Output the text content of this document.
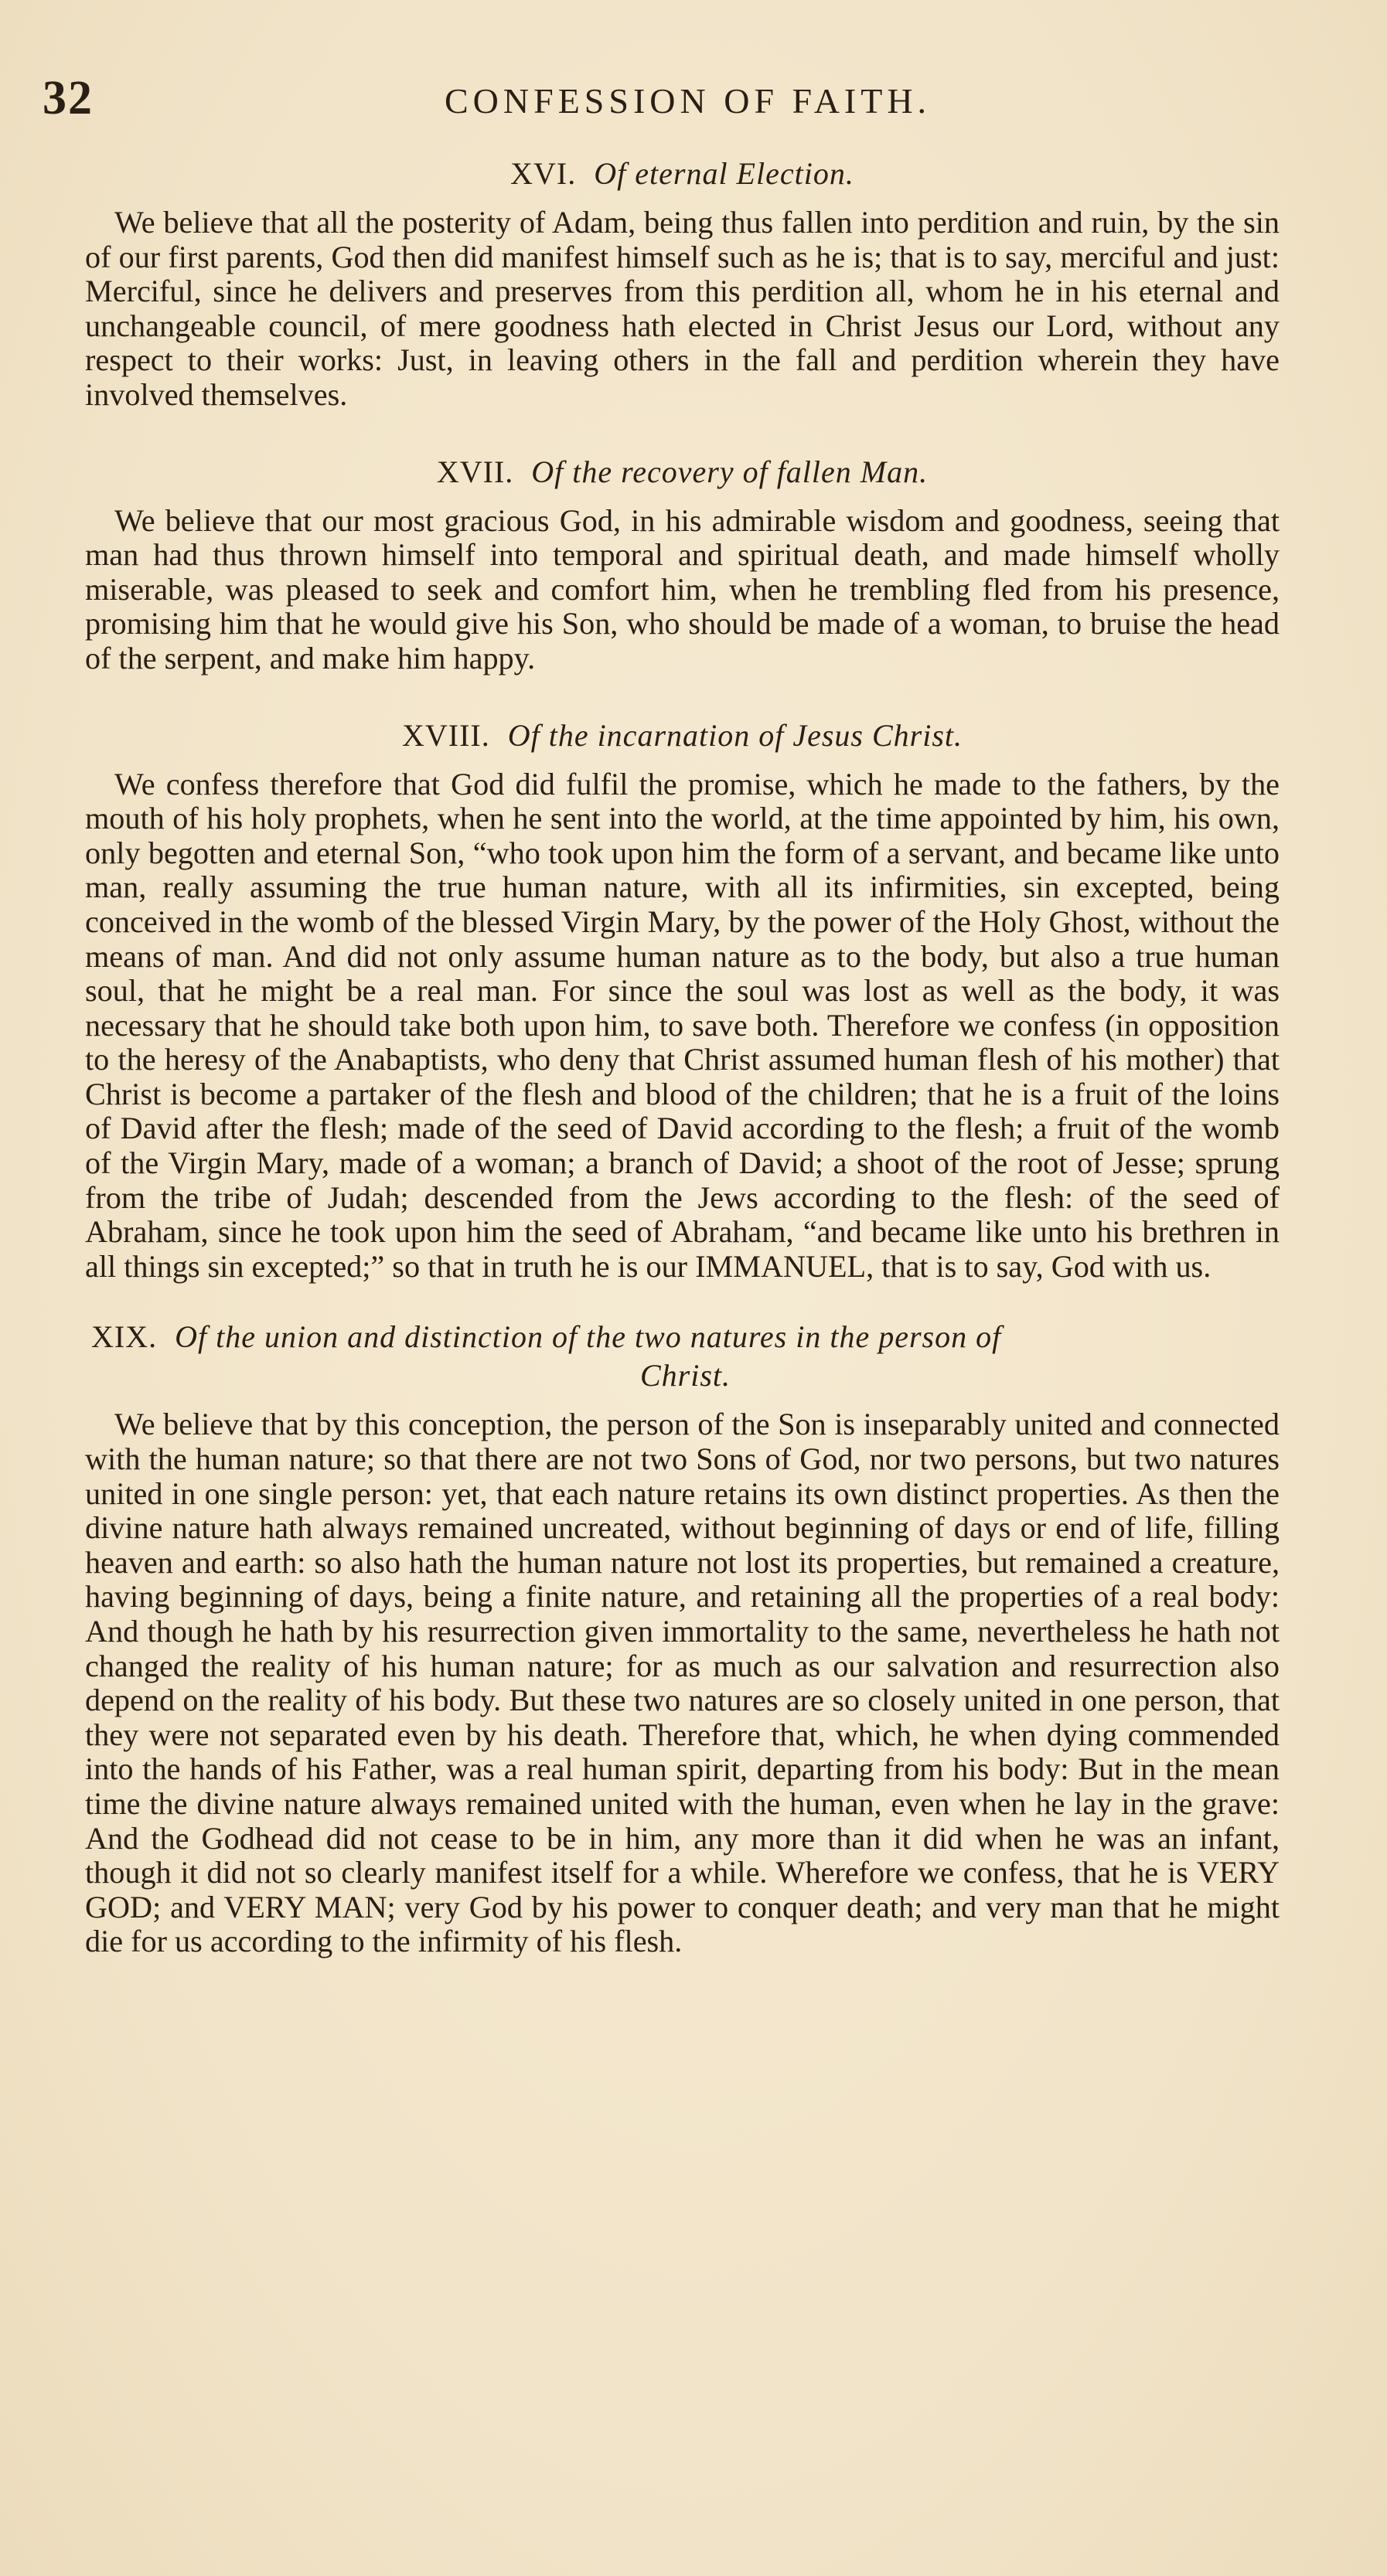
32	CONFESSION OF FAITH.
XVI. Of eternal Election.

We believe that all the posterity of Adam, being thus fallen into perdition and ruin, by the sin of our first parents, God then did manifest himself such as he is; that is to say, merciful and just: Merciful, since he delivers and preserves from this perdition all, whom he in his eternal and unchangeable council, of mere goodness hath elected in Christ Jesus our Lord, without any respect to their works: Just, in leaving others in the fall and perdition wherein they have involved themselves.

XVII. Of the recovery of fallen Man.

We believe that our most gracious God, in his admirable wisdom and goodness, seeing that man had thus thrown himself into temporal and spiritual death, and made himself wholly miserable, was pleased to seek and comfort him, when he trembling fled from his presence, promising him that he would give his Son, who should be made of a woman, to bruise the head of the serpent, and make him happy.

XVIII. Of the incarnation of Jesus Christ.

We confess therefore that God did fulfil the promise, which he made to the fathers, by the mouth of his holy prophets, when he sent into the world, at the time appointed by him, his own, only begotten and eternal Son, “who took upon him the form of a servant, and became like unto man, really assuming the true human nature, with all its infirmities, sin excepted, being conceived in the womb of the blessed Virgin Mary, by the power of the Holy Ghost, without the means of man. And did not only assume human nature as to the body, but also a true human soul, that he might be a real man. For since the soul was lost as well as the body, it was necessary that he should take both upon him, to save both. Therefore we confess (in opposition to the heresy of the Anabaptists, who deny that Christ assumed human flesh of his mother) that Christ is become a partaker of the flesh and blood of the children; that he is a fruit of the loins of David after the flesh; made of the seed of David according to the flesh; a fruit of the womb of the Virgin Mary, made of a woman; a branch of David; a shoot of the root of Jesse; sprung from the tribe of Judah; descended from the Jews according to the flesh: of the seed of Abraham, since he took upon him the seed of Abraham, “and became like unto his brethren in all things sin excepted;” so that in truth he is our IMMANUEL, that is to say, God with us.

XIX. Of the union and distinction of the two natures in the person of
Christ.

We believe that by this conception, the person of the Son is inseparably united and connected with the human nature; so that there are not two Sons of God, nor two persons, but two natures united in one single person: yet, that each nature retains its own distinct properties. As then the divine nature hath always remained uncreated, without beginning of days or end of life, filling heaven and earth: so also hath the human nature not lost its properties, but remained a creature, having beginning of days, being a finite nature, and retaining all the properties of a real body: And though he hath by his resurrection given immortality to the same, nevertheless he hath not changed the reality of his human nature; for as much as our salvation and resurrection also depend on the reality of his body. But these two natures are so closely united in one person, that they were not separated even by his death. Therefore that, which, he when dying commended into the hands of his Father, was a real human spirit, departing from his body: But in the mean time the divine nature always remained united with the human, even when he lay in the grave: And the Godhead did not cease to be in him, any more than it did when he was an infant, though it did not so clearly manifest itself for a while. Wherefore we confess, that he is VERY GOD; and VERY MAN; very God by his power to conquer death; and very man that he might die for us according to the infirmity of his flesh.
